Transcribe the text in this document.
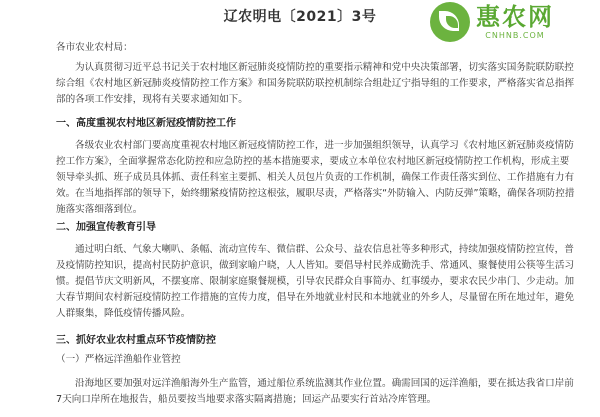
辽农明电〔2021〕3号	惠农网
CNHNB.COM

各市农业农村局：

为认真贯彻习近平总书记关于农村地区新冠肺炎疫情防控的重要指示精神和党中央决策部署，切实落实国务院联防联控综合组《农村地区新冠肺炎疫情防控工作方案》和国务院联防联控机制综合组赴辽宁指导组的工作要求，严格落实省总指挥部的各项工作安排，现将有关要求通知如下。

一、高度重视农村地区新冠疫情防控工作

各级农业农村部门要高度重视农村地区新冠疫情防控工作，进一步加强组织领导，认真学习《农村地区新冠肺炎疫情防控工作方案》，全面掌握常态化防控和应急防控的基本措施要求，要成立本单位农村地区新冠疫情防控工作机构，形成主要领导牵头抓、班子成员具体抓、责任科室主要抓、相关人员包片负责的工作机制，确保工作责任落实到位、工作措施有力有效。在当地指挥部的领导下，始终绷紧疫情防控这根弦，履职尽责，严格落实“外防输入、内防反弹”策略，确保各项防控措施落实落细落到位。

二、加强宣传教育引导

通过明白纸、气象大喇叭、条幅、流动宣传车、微信群、公众号、益农信息社等多种形式，持续加强疫情防控宣传，普及疫情防控知识，提高村民防护意识，做到家喻户晓，人人皆知。要倡导村民养成勤洗手、常通风、聚餐使用公筷等生活习惯。提倡节庆文明新风，不摆宴席、限制家庭聚餐规模，引导农民群众自事简办、红事缓办，要求农民少串门、少走动。加大春节期间农村新冠疫情防控工作措施的宣传力度，倡导在外地就业村民和本地就业的外乡人，尽量留在所在地过年，避免人群聚集，降低疫情传播风险。

三、抓好农业农村重点环节疫情防控

（一）严格远洋渔船作业管控

沿海地区要加强对远洋渔船海外生产监管，通过船位系统监测其作业位置。确需回国的远洋渔船，要在抵达我省口岸前7天向口岸所在地报告，船员要按当地要求落实隔离措施；回运产品要实行首站冷库管理。
